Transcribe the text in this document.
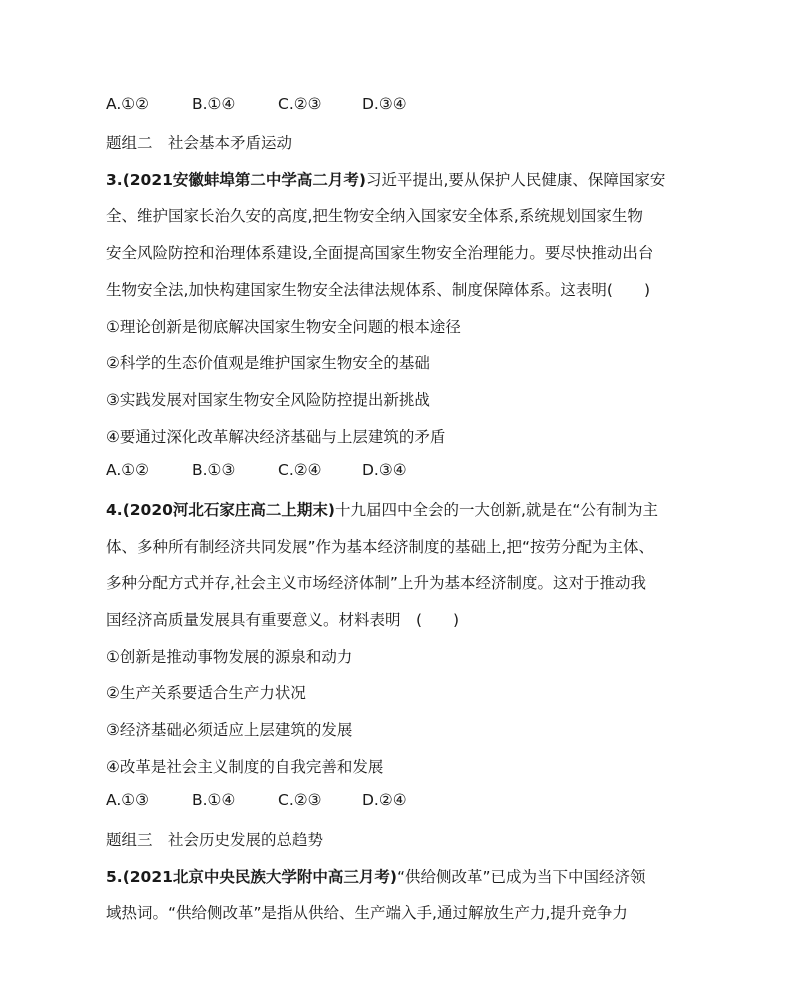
A.①②	B.①④	C.②③	D.③④
题组二　社会基本矛盾运动
3.(2021安徽蚌埠第二中学高二月考)习近平提出,要从保护人民健康、保障国家安
全、维护国家长治久安的高度,把生物安全纳入国家安全体系,系统规划国家生物
安全风险防控和治理体系建设,全面提高国家生物安全治理能力。要尽快推动出台
生物安全法,加快构建国家生物安全法律法规体系、制度保障体系。这表明(　　)
①理论创新是彻底解决国家生物安全问题的根本途径
②科学的生态价值观是维护国家生物安全的基础
③实践发展对国家生物安全风险防控提出新挑战
④要通过深化改革解决经济基础与上层建筑的矛盾
A.①②	B.①③	C.②④	D.③④
4.(2020河北石家庄高二上期末)十九届四中全会的一大创新,就是在“公有制为主
体、多种所有制经济共同发展”作为基本经济制度的基础上,把“按劳分配为主体、
多种分配方式并存,社会主义市场经济体制”上升为基本经济制度。这对于推动我
国经济高质量发展具有重要意义。材料表明　(　　)
①创新是推动事物发展的源泉和动力
②生产关系要适合生产力状况
③经济基础必须适应上层建筑的发展
④改革是社会主义制度的自我完善和发展
A.①③	B.①④	C.②③	D.②④
题组三　社会历史发展的总趋势
5.(2021北京中央民族大学附中高三月考)“供给侧改革”已成为当下中国经济领
域热词。“供给侧改革”是指从供给、生产端入手,通过解放生产力,提升竞争力
